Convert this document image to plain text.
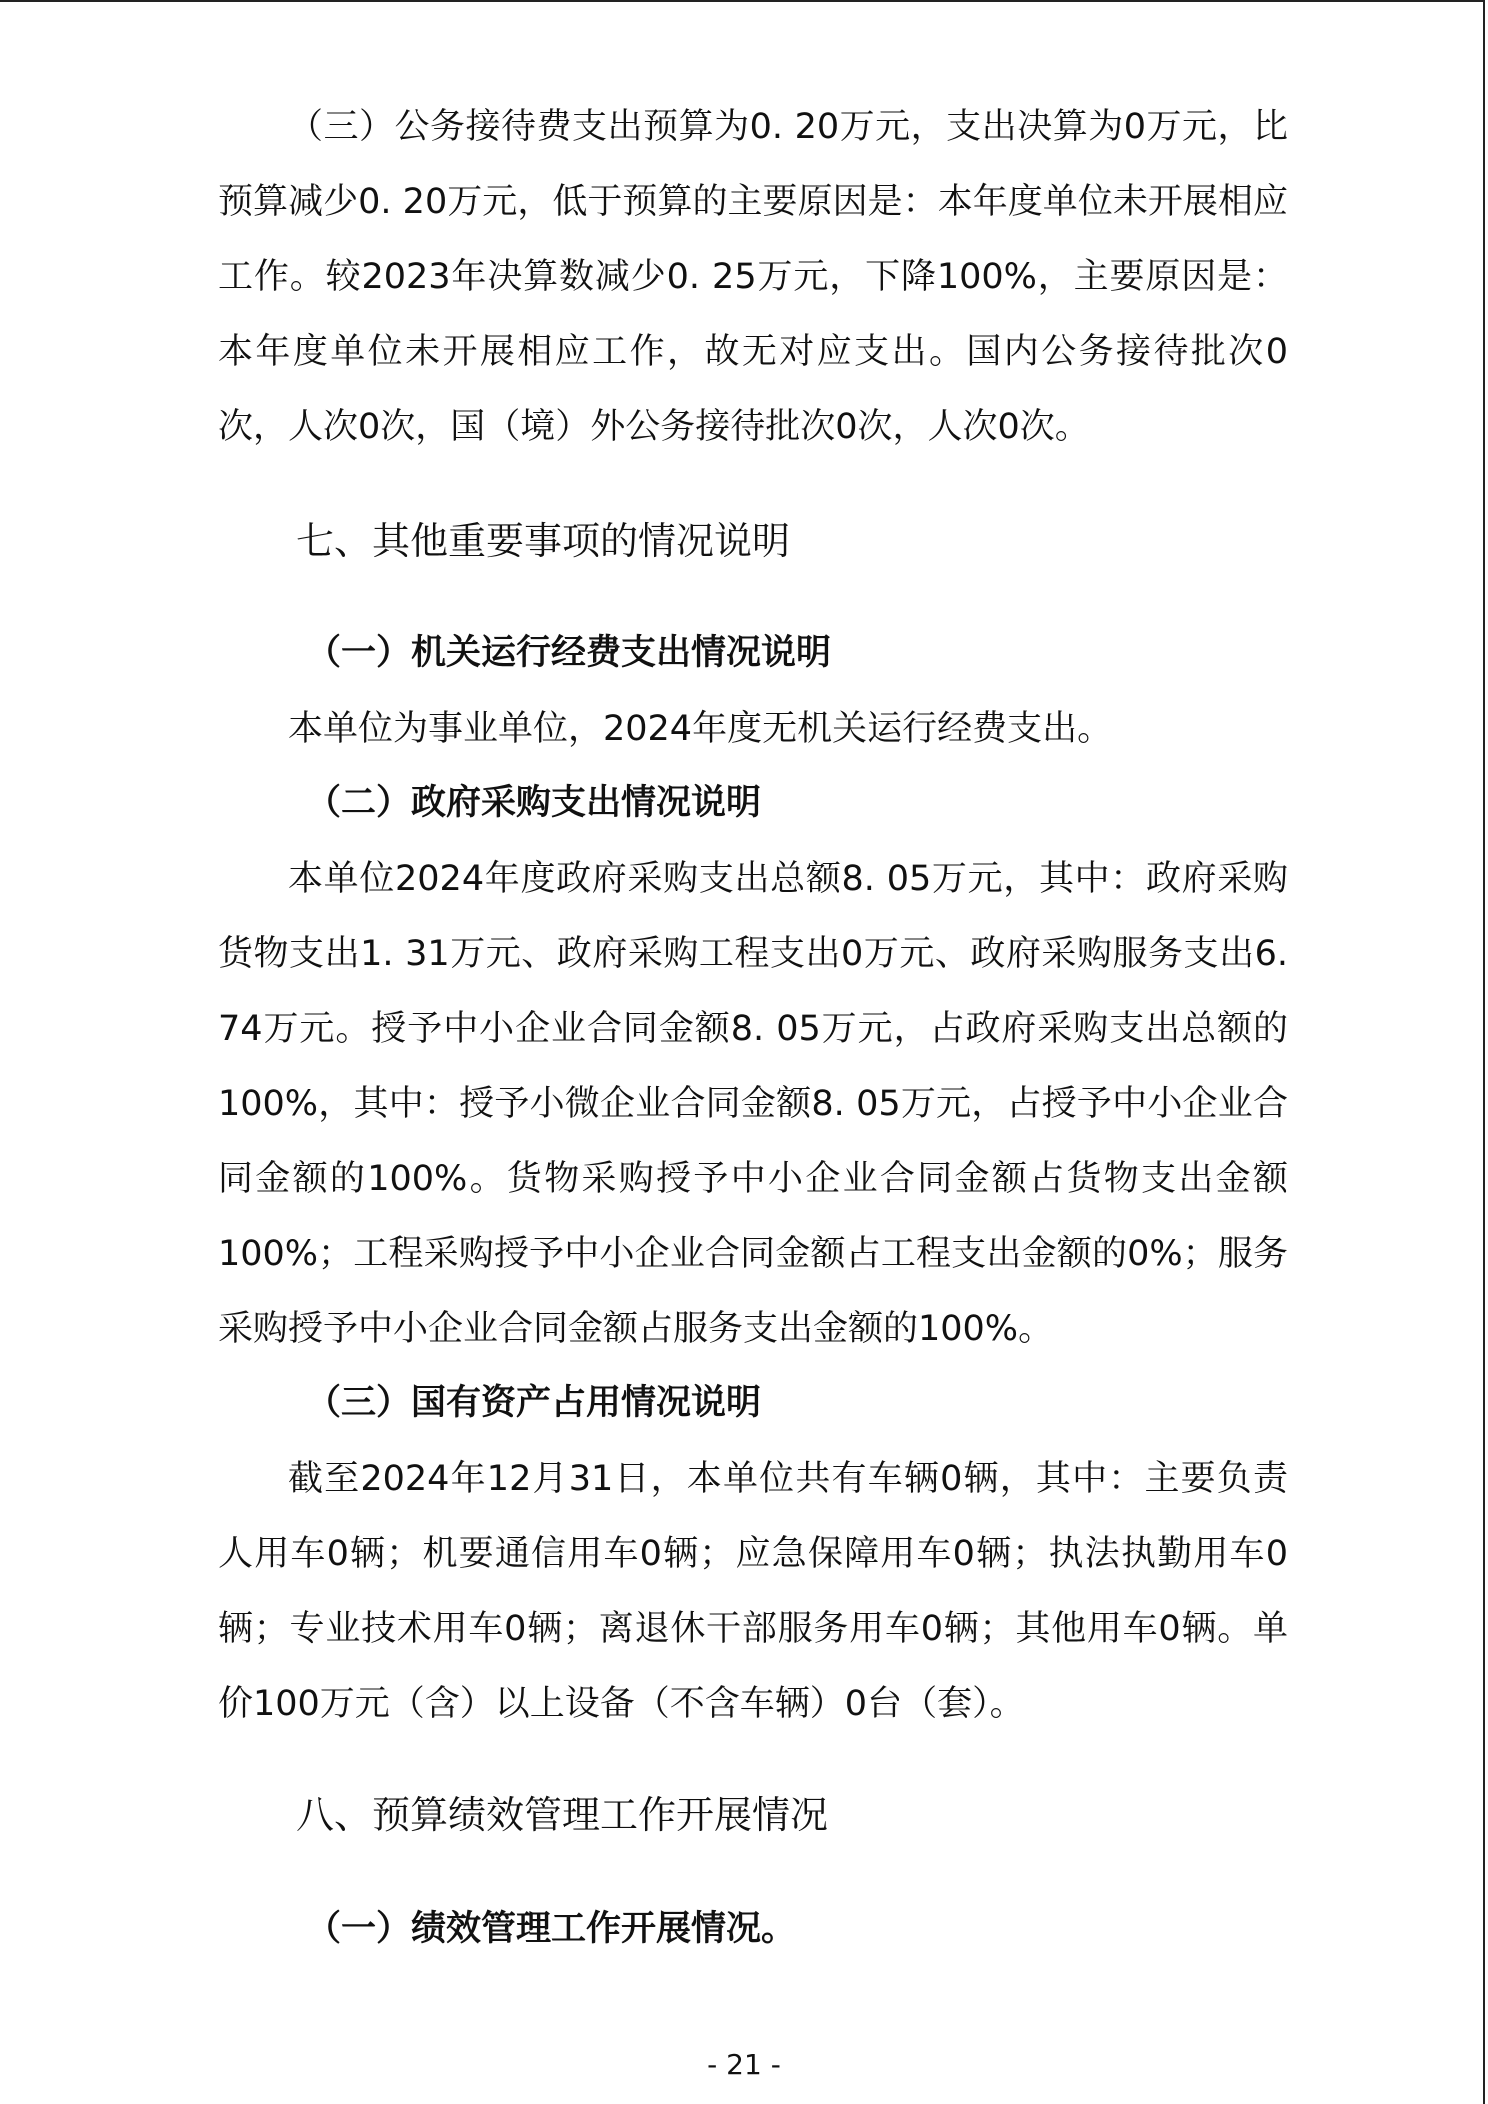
（三）公务接待费支出预算为0. 20万元，支出决算为0万元，比预算减少0. 20万元，低于预算的主要原因是：本年度单位未开展相应工作。较2023年决算数减少0. 25万元，下降100%，主要原因是：本年度单位未开展相应工作，故无对应支出。国内公务接待批次0次，人次0次，国（境）外公务接待批次0次，人次0次。

七、其他重要事项的情况说明
（一）机关运行经费支出情况说明

本单位为事业单位，2024年度无机关运行经费支出。

（二）政府采购支出情况说明

本单位2024年度政府采购支出总额8. 05万元，其中：政府采购货物支出1. 31万元、政府采购工程支出0万元、政府采购服务支出6. 74万元。授予中小企业合同金额8. 05万元，占政府采购支出总额的100%，其中：授予小微企业合同金额8. 05万元，占授予中小企业合同金额的100%。货物采购授予中小企业合同金额占货物支出金额100%；工程采购授予中小企业合同金额占工程支出金额的0%；服务采购授予中小企业合同金额占服务支出金额的100%。

（三）国有资产占用情况说明

截至2024年12月31日，本单位共有车辆0辆，其中：主要负责人用车0辆；机要通信用车0辆；应急保障用车0辆；执法执勤用车0辆；专业技术用车0辆；离退休干部服务用车0辆；其他用车0辆。单价100万元（含）以上设备（不含车辆）0台（套）。

八、预算绩效管理工作开展情况
（一）绩效管理工作开展情况。
- 21 -
